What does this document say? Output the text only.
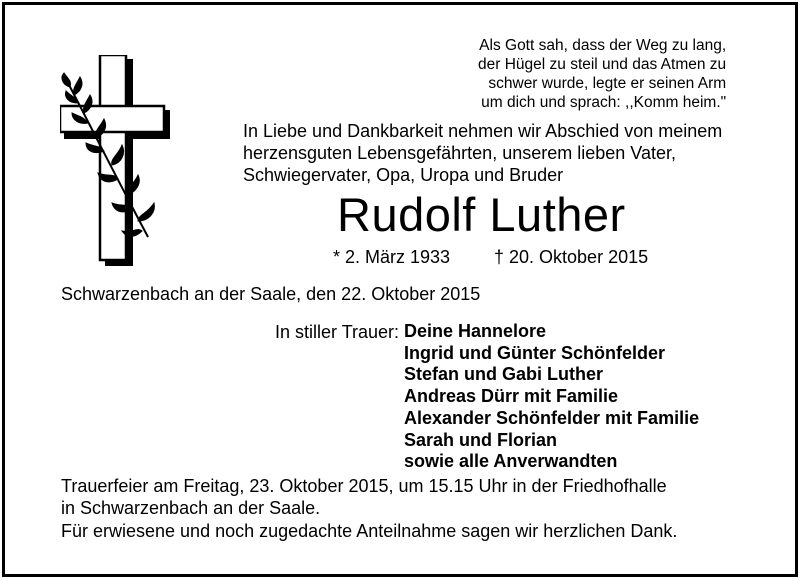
Als Gott sah, dass der Weg zu lang,
der Hügel zu steil und das Atmen zu
schwer wurde, legte er seinen Arm
um dich und sprach: ,,Komm heim."
In Liebe und Dankbarkeit nehmen wir Abschied von meinem
herzensguten Lebensgefährten, unserem lieben Vater,
Schwiegervater, Opa, Uropa und Bruder
Rudolf Luther
* 2. März 1933 † 20. Oktober 2015
Schwarzenbach an der Saale, den 22. Oktober 2015
In stiller Trauer: Deine Hannelore
Ingrid und Günter Schönfelder
Stefan und Gabi Luther
Andreas Dürr mit Familie
Alexander Schönfelder mit Familie
Sarah und Florian
sowie alle Anverwandten
Trauerfeier am Freitag, 23. Oktober 2015, um 15.15 Uhr in der Friedhofhalle
in Schwarzenbach an der Saale.
Für erwiesene und noch zugedachte Anteilnahme sagen wir herzlichen Dank.
